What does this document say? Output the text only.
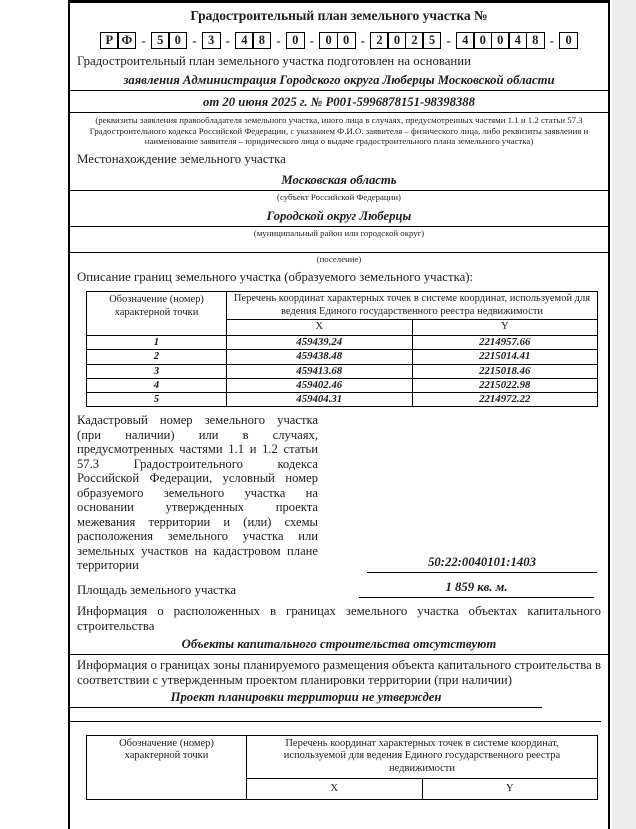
Градостроительный план земельного участка №
Р Ф - 5 0 - 3 - 4 8 - 0 - 0 0 - 2 0 2 5 - 4 0 0 4 8 - 0
Градостроительный план земельного участка подготовлен на основании
заявления Администрация Городского округа Люберцы Московской области
от 20 июня 2025 г. № Р001-5996878151-98398388
(реквизиты заявления правообладателя земельного участка, иного лица в случаях, предусмотренных частями 1.1 и 1.2 статьи 57.3 Градостроительного кодекса Российской Федерации, с указанием Ф.И.О. заявителя – физического лица, либо реквизиты заявления и наименование заявителя – юридического лица о выдаче градостроительного плана земельного участка)
Местонахождение земельного участка
Московская область
(субъект Российской Федерации)
Городской округ Люберцы
(муниципальный район или городской округ)
(поселение)
Описание границ земельного участка (образуемого земельного участка):
Обозначение (номер) характерной точки	Перечень координат характерных точек в системе координат, используемой для ведения Единого государственного реестра недвижимости	
	X	Y
1	459439.24	2214957.66
2	459438.48	2215014.41
3	459413.68	2215018.46
4	459402.46	2215022.98
5	459404.31	2214972.22
Кадастровый номер земельного участка (при наличии) или в случаях, предусмотренных частями 1.1 и 1.2 статьи 57.3 Градостроительного кодекса Российской Федерации, условный номер образуемого земельного участка на основании утвержденных проекта межевания территории и (или) схемы расположения земельного участка или земельных участков на кадастровом плане территории	50:22:0040101:1403
Площадь земельного участка	1 859 кв. м.
Информация о расположенных в границах земельного участка объектах капитального строительства
Объекты капитального строительства отсутствуют
Информация о границах зоны планируемого размещения объекта капитального строительства в соответствии с утвержденным проектом планировки территории (при наличии)
Проект планировки территории не утвержден
Обозначение (номер) характерной точки	Перечень координат характерных точек в системе координат, используемой для ведения Единого государственного реестра недвижимости	
	X	Y
